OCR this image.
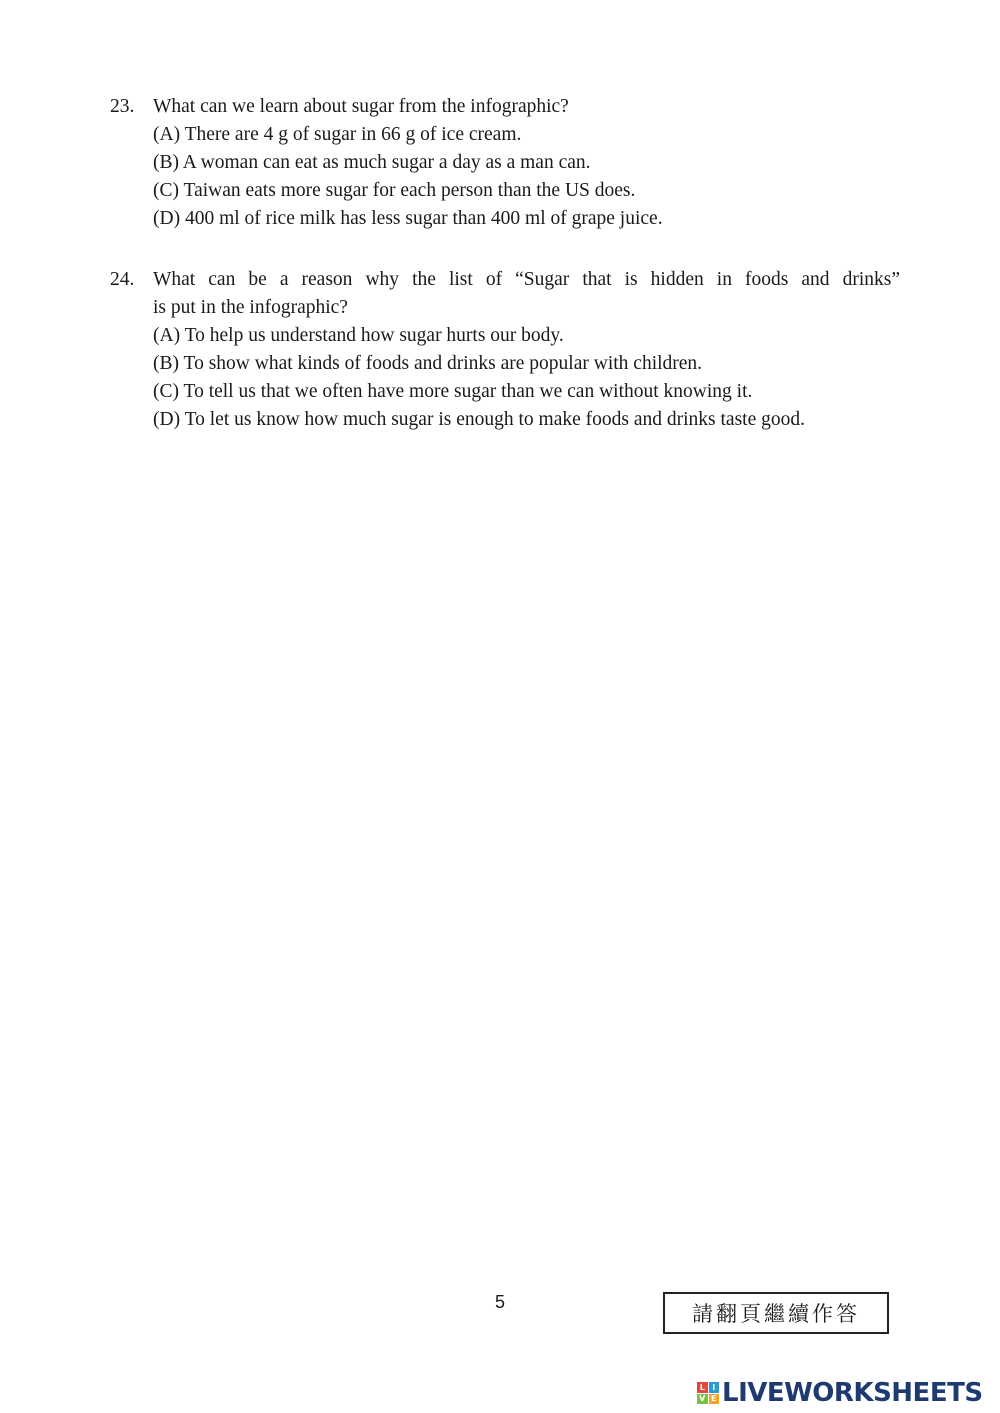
23. What can we learn about sugar from the infographic?
(A) There are 4 g of sugar in 66 g of ice cream.
(B) A woman can eat as much sugar a day as a man can.
(C) Taiwan eats more sugar for each person than the US does.
(D) 400 ml of rice milk has less sugar than 400 ml of grape juice.
24. What can be a reason why the list of “Sugar that is hidden in foods and drinks”
is put in the infographic?
(A) To help us understand how sugar hurts our body.
(B) To show what kinds of foods and drinks are popular with children.
(C) To tell us that we often have more sugar than we can without knowing it.
(D) To let us know how much sugar is enough to make foods and drinks taste good.
5	請翻頁繼續作答
L I
V E LIVEWORKSHEETS
